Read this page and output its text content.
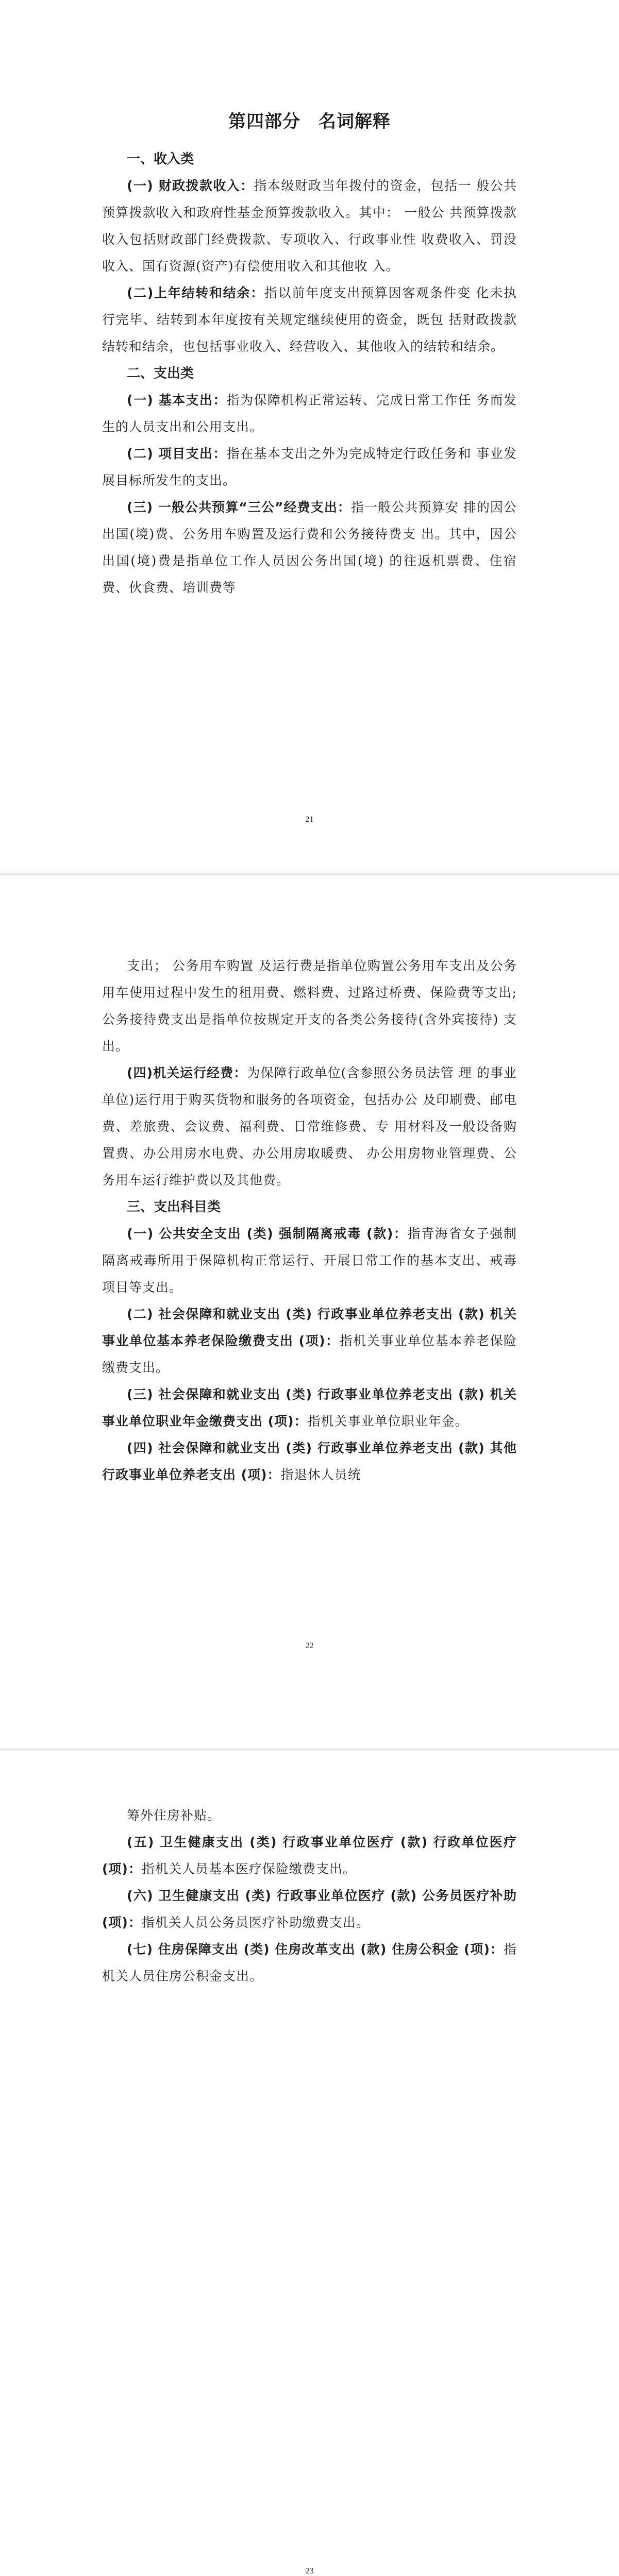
第四部分　名词解释
一、收入类

(一) 财政拨款收入：指本级财政当年拨付的资金，包括一 般公共预算拨款收入和政府性基金预算拨款收入。其中： 一般公 共预算拨款收入包括财政部门经费拨款、专项收入、行政事业性 收费收入、罚没收入、国有资源(资产)有偿使用收入和其他收 入。

(二)上年结转和结余：指以前年度支出预算因客观条件变 化未执行完毕、结转到本年度按有关规定继续使用的资金，既包 括财政拨款结转和结余，也包括事业收入、经营收入、其他收入的结转和结余。

二、支出类

(一) 基本支出：指为保障机构正常运转、完成日常工作任 务而发生的人员支出和公用支出。

(二) 项目支出：指在基本支出之外为完成特定行政任务和 事业发展目标所发生的支出。

(三) 一般公共预算“三公”经费支出：指一般公共预算安 排的因公出国(境)费、公务用车购置及运行费和公务接待费支 出。其中，因公出国(境)费是指单位工作人员因公务出国(境) 的往返机票费、住宿费、伙食费、培训费等

21

支出； 公务用车购置 及运行费是指单位购置公务用车支出及公务用车使用过程中发生的租用费、燃料费、过路过桥费、保险费等支出;公务接待费支出是指单位按规定开支的各类公务接待(含外宾接待) 支出。

(四)机关运行经费：为保障行政单位(含参照公务员法管 理 的事业单位)运行用于购买货物和服务的各项资金，包括办公 及印刷费、邮电费、差旅费、会议费、福利费、日常维修费、专 用材料及一般设备购置费、办公用房水电费、办公用房取暖费、 办公用房物业管理费、公务用车运行维护费以及其他费。

三、支出科目类

(一) 公共安全支出 (类) 强制隔离戒毒 (款)：指青海省女子强制隔离戒毒所用于保障机构正常运行、开展日常工作的基本支出、戒毒项目等支出。

(二) 社会保障和就业支出 (类) 行政事业单位养老支出 (款) 机关事业单位基本养老保险缴费支出 (项)：指机关事业单位基本养老保险缴费支出。

(三) 社会保障和就业支出 (类) 行政事业单位养老支出 (款) 机关事业单位职业年金缴费支出 (项)：指机关事业单位职业年金。

(四) 社会保障和就业支出 (类) 行政事业单位养老支出 (款) 其他行政事业单位养老支出 (项)：指退休人员统

22

筹外住房补贴。

(五) 卫生健康支出 (类) 行政事业单位医疗 (款) 行政单位医疗 (项)：指机关人员基本医疗保险缴费支出。

(六) 卫生健康支出 (类) 行政事业单位医疗 (款) 公务员医疗补助 (项)：指机关人员公务员医疗补助缴费支出。

(七) 住房保障支出 (类) 住房改革支出 (款) 住房公积金 (项)：指机关人员住房公积金支出。

23
